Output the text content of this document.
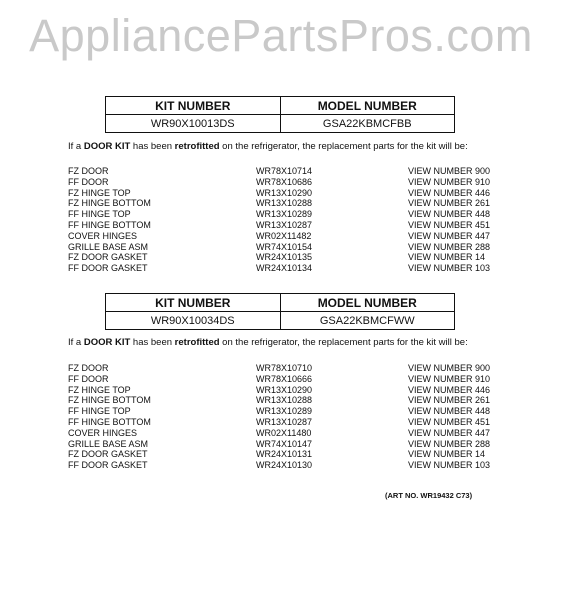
AppliancePartsPros.com
KIT NUMBER	MODEL NUMBER
WR90X10013DS	GSA22KBMCFBB
If a DOOR KIT has been retrofitted on the refrigerator, the replacement parts for the kit will be:
FZ DOOR	WR78X10714	VIEW NUMBER 900
FF DOOR	WR78X10686	VIEW NUMBER 910
FZ HINGE TOP	WR13X10290	VIEW NUMBER 446
FZ HINGE BOTTOM	WR13X10288	VIEW NUMBER 261
FF HINGE TOP	WR13X10289	VIEW NUMBER 448
FF HINGE BOTTOM	WR13X10287	VIEW NUMBER 451
COVER HINGES	WR02X11482	VIEW NUMBER 447
GRILLE BASE ASM	WR74X10154	VIEW NUMBER 288
FZ DOOR GASKET	WR24X10135	VIEW NUMBER 14
FF DOOR GASKET	WR24X10134	VIEW NUMBER 103
KIT NUMBER	MODEL NUMBER
WR90X10034DS	GSA22KBMCFWW
If a DOOR KIT has been retrofitted on the refrigerator, the replacement parts for the kit will be:
FZ DOOR	WR78X10710	VIEW NUMBER 900
FF DOOR	WR78X10666	VIEW NUMBER 910
FZ HINGE TOP	WR13X10290	VIEW NUMBER 446
FZ HINGE BOTTOM	WR13X10288	VIEW NUMBER 261
FF HINGE TOP	WR13X10289	VIEW NUMBER 448
FF HINGE BOTTOM	WR13X10287	VIEW NUMBER 451
COVER HINGES	WR02X11480	VIEW NUMBER 447
GRILLE BASE ASM	WR74X10147	VIEW NUMBER 288
FZ DOOR GASKET	WR24X10131	VIEW NUMBER 14
FF DOOR GASKET	WR24X10130	VIEW NUMBER 103
(ART NO. WR19432 C73)
